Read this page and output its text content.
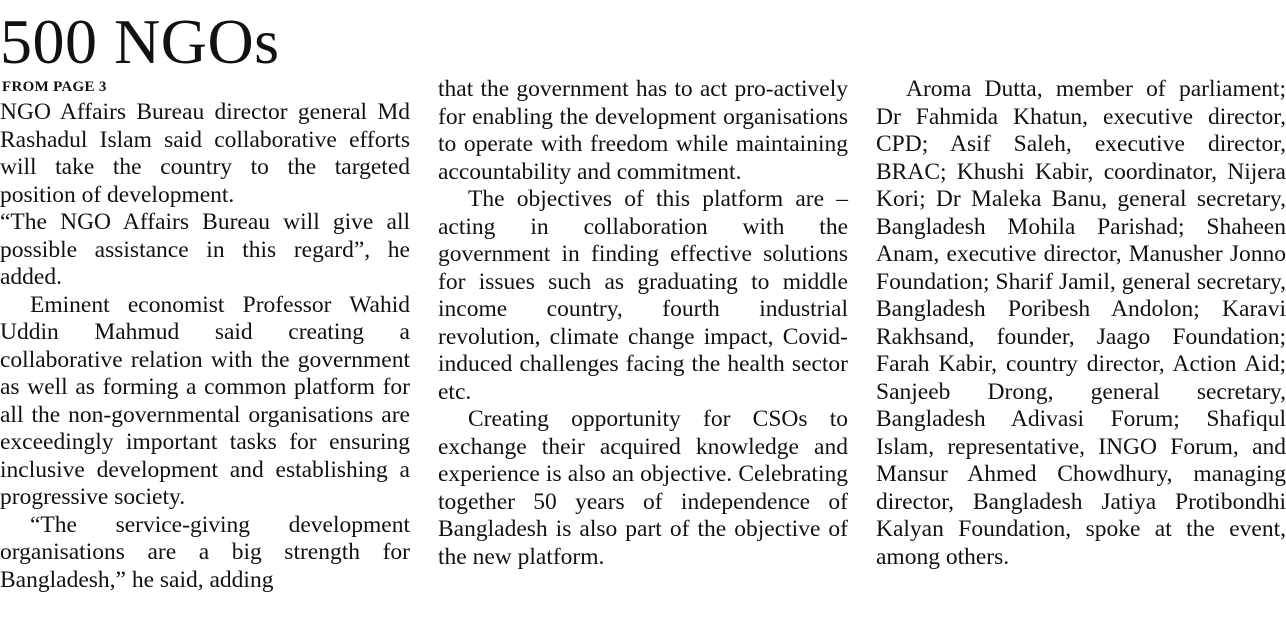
500 NGOs
FROM PAGE 3

NGO Affairs Bureau director general Md Rashadul Islam said collaborative efforts will take the country to the targeted position of development.

“The NGO Affairs Bureau will give all possible assistance in this regard”, he added.

Eminent economist Professor Wahid Uddin Mahmud said creating a collaborative relation with the government as well as forming a common platform for all the non-governmental organisations are exceedingly important tasks for ensuring inclusive development and establishing a progressive society.

“The service-giving development organisations are a big strength for Bangladesh,” he said, adding

that the government has to act pro-actively for enabling the development organisations to operate with freedom while maintaining accountability and commitment.

The objectives of this platform are – acting in collaboration with the government in finding effective solutions for issues such as graduating to middle income country, fourth industrial revolution, climate change impact, Covid-induced challenges facing the health sector etc.

Creating opportunity for CSOs to exchange their acquired knowledge and experience is also an objective. Celebrating together 50 years of independence of Bangladesh is also part of the objective of the new platform.

Aroma Dutta, member of parliament; Dr Fahmida Khatun, executive director, CPD; Asif Saleh, executive director, BRAC; Khushi Kabir, coordinator, Nijera Kori; Dr Maleka Banu, general secretary, Bangladesh Mohila Parishad; Shaheen Anam, executive director, Manusher Jonno Foundation; Sharif Jamil, general secretary, Bangladesh Poribesh Andolon; Karavi Rakhsand, founder, Jaago Foundation; Farah Kabir, country director, Action Aid; Sanjeeb Drong, general secretary, Bangladesh Adivasi Forum; Shafiqul Islam, representative, INGO Forum, and Mansur Ahmed Chowdhury, managing director, Bangladesh Jatiya Protibondhi Kalyan Foundation, spoke at the event, among others.
